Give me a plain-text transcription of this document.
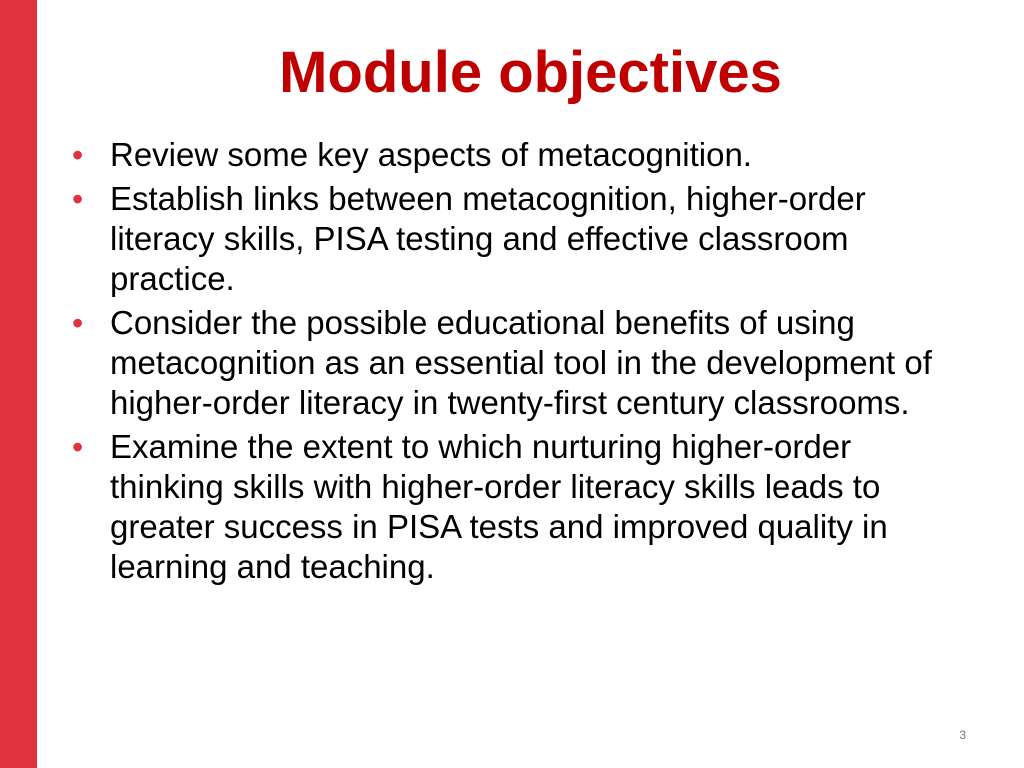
Module objectives
• Review some key aspects of metacognition.
• Establish links between metacognition, higher-order literacy skills, PISA testing and effective classroom practice.
• Consider the possible educational benefits of using metacognition as an essential tool in the development of higher-order literacy in twenty-first century classrooms.
• Examine the extent to which nurturing higher-order thinking skills with higher-order literacy skills leads to greater success in PISA tests and improved quality in learning and teaching.
3
